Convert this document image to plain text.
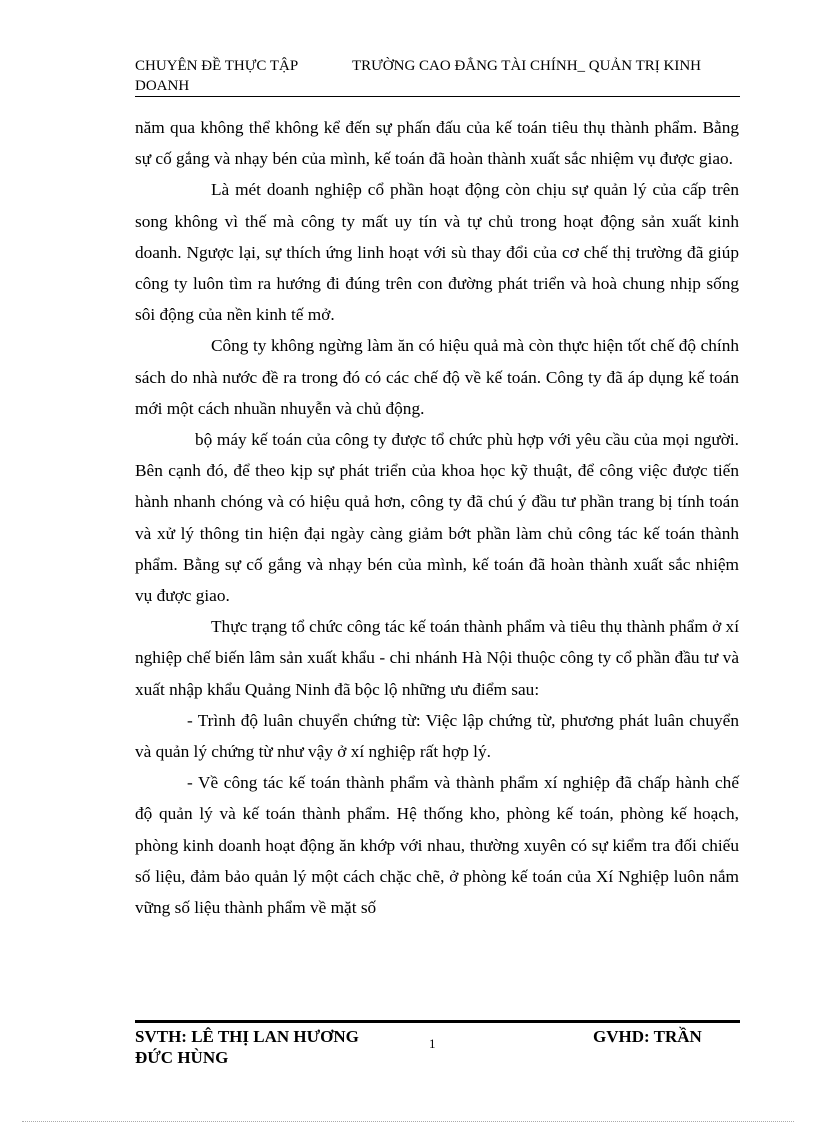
CHUYÊN ĐỀ THỰC TẬP	TRƯỜNG CAO ĐẲNG TÀI CHÍNH_ QUẢN TRỊ KINH
DOANH

năm qua không thể không kể đến sự phấn đấu của kế toán tiêu thụ thành phẩm. Bằng sự cố gắng và nhạy bén của mình, kế toán đã hoàn thành xuất sắc nhiệm vụ được giao.

Là mét doanh nghiệp cổ phần hoạt động còn chịu sự quản lý của cấp trên song không vì thế mà công ty mất uy tín và tự chủ trong hoạt động sản xuất kinh doanh. Ngược lại, sự thích ứng linh hoạt với sù thay đổi của cơ chế thị trường đã giúp công ty luôn tìm ra hướng đi đúng trên con đường phát triển và hoà chung nhịp sống sôi động của nền kinh tế mở.

Công ty không ngừng làm ăn có hiệu quả mà còn thực hiện tốt chế độ chính sách do nhà nước đề ra trong đó có các chế độ về kế toán. Công ty đã áp dụng kế toán mới một cách nhuần nhuyễn và chủ động.

bộ máy kế toán của công ty được tổ chức phù hợp với yêu cầu của mọi người. Bên cạnh đó, để theo kịp sự phát triển của khoa học kỹ thuật, để công việc được tiến hành nhanh chóng và có hiệu quả hơn, công ty đã chú ý đầu tư phần trang bị tính toán và xử lý thông tin hiện đại ngày càng giảm bớt phần làm chủ công tác kế toán thành phẩm. Bằng sự cố gắng và nhạy bén của mình, kế toán đã hoàn thành xuất sắc nhiệm vụ được giao.

Thực trạng tổ chức công tác kế toán thành phẩm và tiêu thụ thành phẩm ở xí nghiệp chế biến lâm sản xuất khẩu - chi nhánh Hà Nội thuộc công ty cổ phần đầu tư và xuất nhập khẩu Quảng Ninh đã bộc lộ những ưu điểm sau:

- Trình độ luân chuyển chứng từ: Việc lập chứng từ, phương phát luân chuyển và quản lý chứng từ như vậy ở xí nghiệp rất hợp lý.

- Về công tác kế toán thành phẩm và thành phẩm xí nghiệp đã chấp hành chế độ quản lý và kế toán thành phẩm. Hệ thống kho, phòng kế toán, phòng kế hoạch, phòng kinh doanh hoạt động ăn khớp với nhau, thường xuyên có sự kiểm tra đối chiếu số liệu, đảm bảo quản lý một cách chặc chẽ, ở phòng kế toán của Xí Nghiệp luôn nắm vững số liệu thành phẩm về mặt số

SVTH: LÊ THỊ LAN HƯƠNG	1	GVHD: TRẦN
ĐỨC HÙNG
